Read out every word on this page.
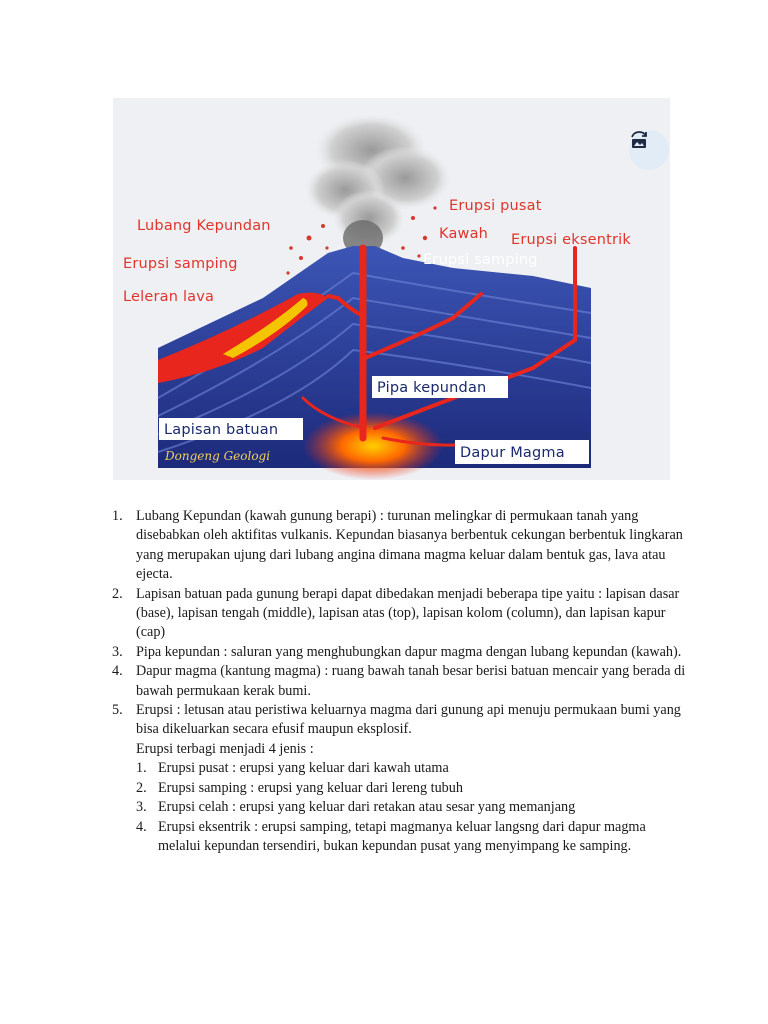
Lubang Kepundan
Erupsi samping
Leleran lava
Erupsi pusat
Kawah Erupsi eksentrik
Erupsi samping
Pipa kepundan
Lapisan batuan
Dapur Magma
Dongeng Geologi
1. Lubang Kepundan (kawah gunung berapi) : turunan melingkar di permukaan tanah yang disebabkan oleh aktifitas vulkanis. Kepundan biasanya berbentuk cekungan berbentuk lingkaran yang merupakan ujung dari lubang angina dimana magma keluar dalam bentuk gas, lava atau ejecta.
2. Lapisan batuan pada gunung berapi dapat dibedakan menjadi beberapa tipe yaitu : lapisan dasar (base), lapisan tengah (middle), lapisan atas (top), lapisan kolom (column), dan lapisan kapur (cap)
3. Pipa kepundan : saluran yang menghubungkan dapur magma dengan lubang kepundan (kawah).
4. Dapur magma (kantung magma) : ruang bawah tanah besar berisi batuan mencair yang berada di bawah permukaan kerak bumi.
5. Erupsi : letusan atau peristiwa keluarnya magma dari gunung api menuju permukaan bumi yang bisa dikeluarkan secara efusif maupun eksplosif.
Erupsi terbagi menjadi 4 jenis :
1. Erupsi pusat : erupsi yang keluar dari kawah utama
2. Erupsi samping : erupsi yang keluar dari lereng tubuh
3. Erupsi celah : erupsi yang keluar dari retakan atau sesar yang memanjang
4. Erupsi eksentrik : erupsi samping, tetapi magmanya keluar langsng dari dapur magma melalui kepundan tersendiri, bukan kepundan pusat yang menyimpang ke samping.
